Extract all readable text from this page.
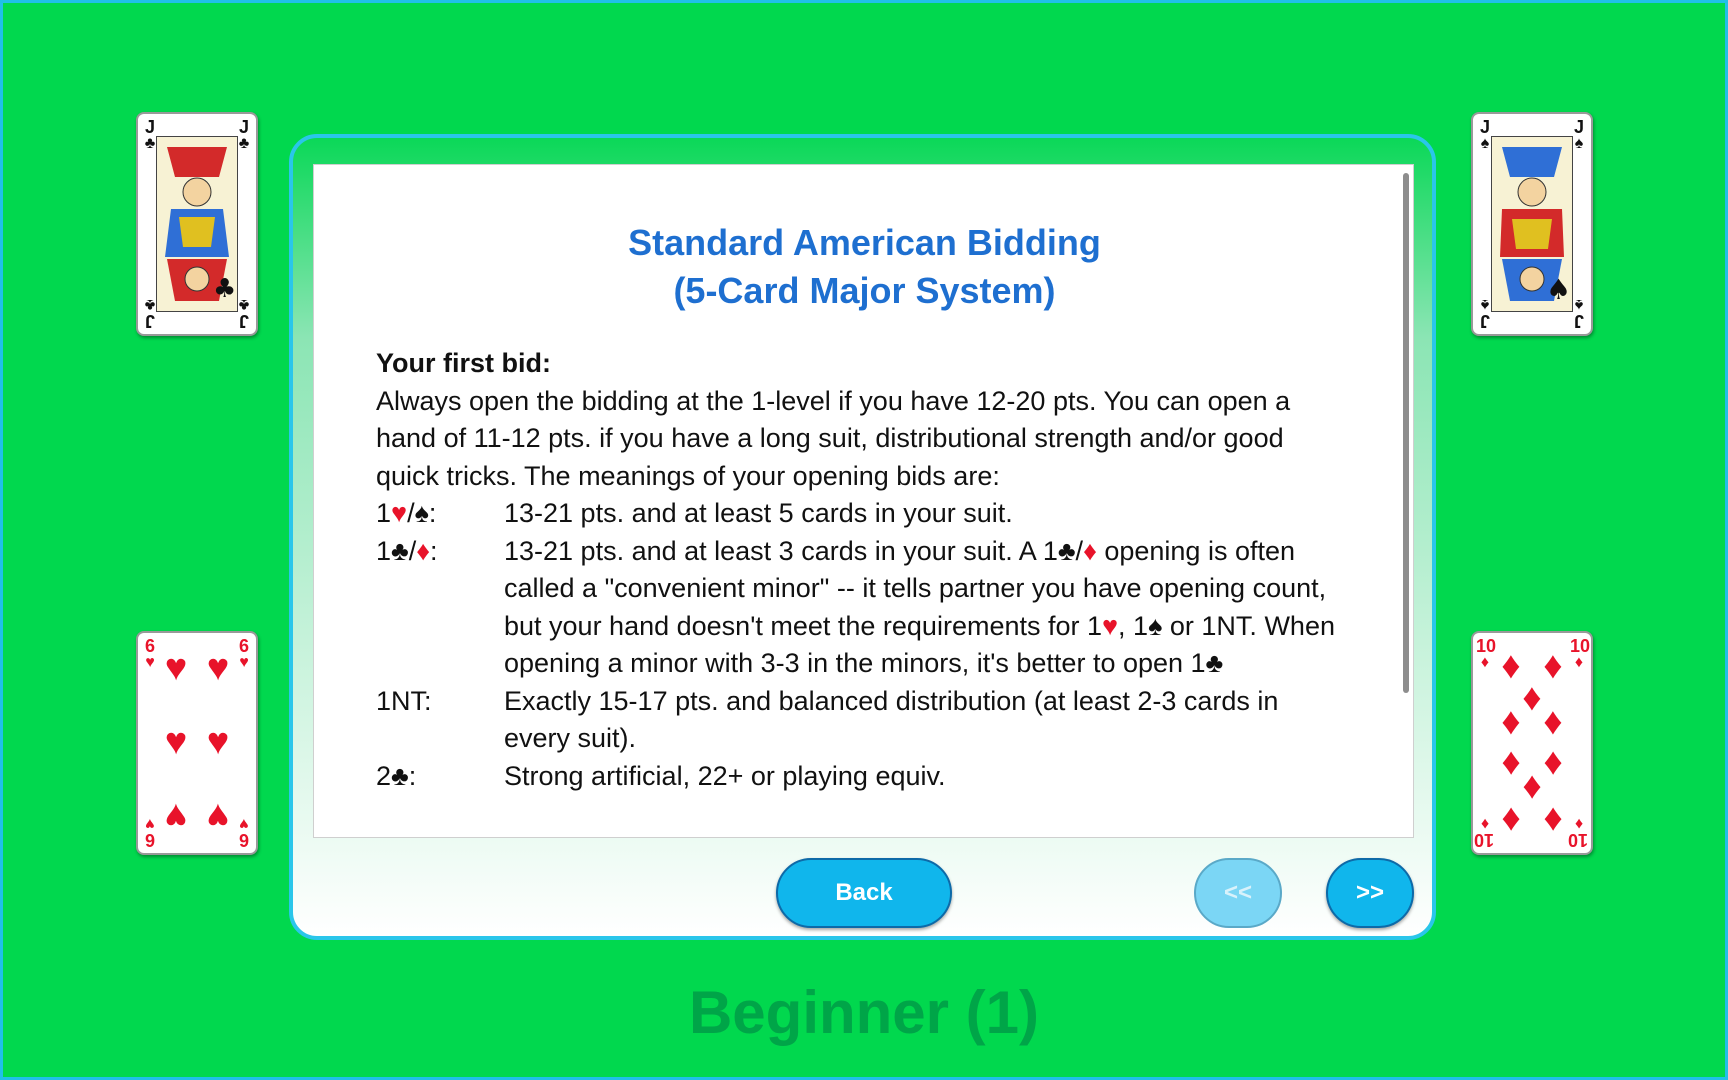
J
♣
J
♣
J
♣
J
♣
♣
J
♠
J
♠
J
♠
J
♠
♠
6
♥
6
♥
6
♥
6
♥
♥ ♥
♥ ♥
♥ ♥
10
♦
10
♦
10
♦
10
♦
♦ ♦
♦
♦ ♦
♦ ♦
♦
♦ ♦
Standard American Bidding
(5-Card Major System)
Your first bid:
Always open the bidding at the 1-level if you have 12-20 pts. You can open a hand of 11-12 pts. if you have a long suit, distributional strength and/or good quick tricks. The meanings of your opening bids are:
1♥/♠:	13-21 pts. and at least 5 cards in your suit.
1♣/♦:	13-21 pts. and at least 3 cards in your suit. A 1♣/♦ opening is often called a "convenient minor" -- it tells partner you have opening count, but your hand doesn't meet the requirements for 1♥, 1♠ or 1NT. When opening a minor with 3-3 in the minors, it's better to open 1♣
1NT:	Exactly 15-17 pts. and balanced distribution (at least 2-3 cards in every suit).
2♣:	Strong artificial, 22+ or playing equiv.
Back	<<	>>
Beginner (1)
